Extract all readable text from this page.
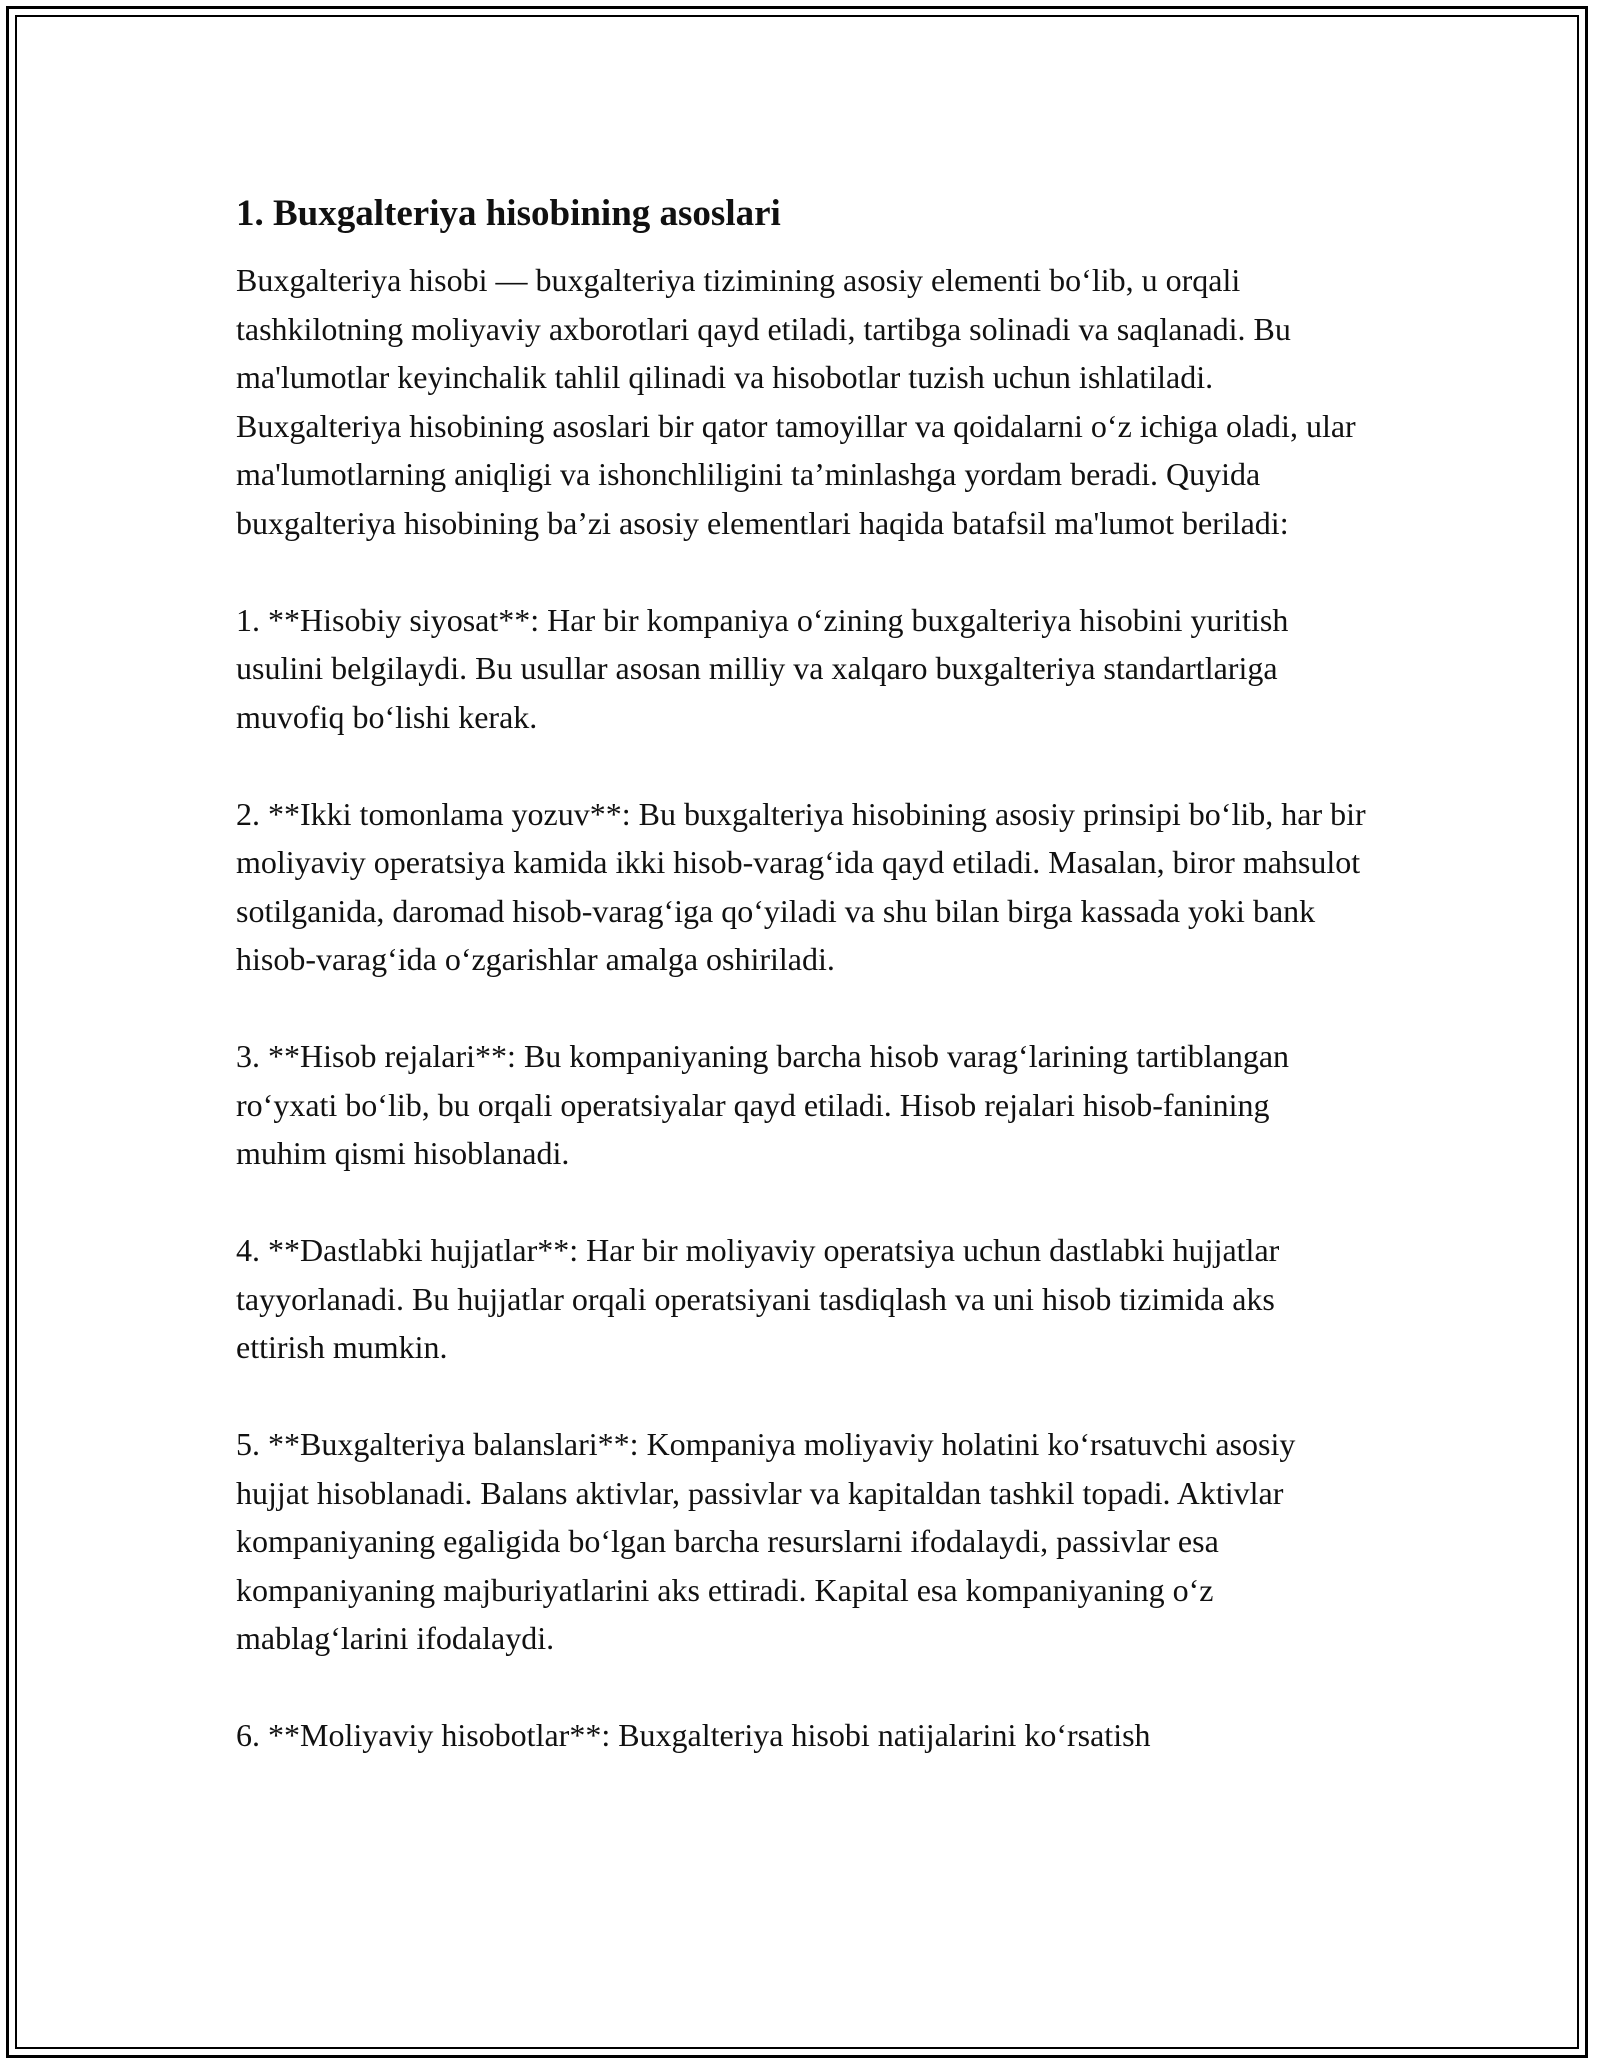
1. Buxgalteriya hisobining asoslari

Buxgalteriya hisobi — buxgalteriya tizimining asosiy elementi bo‘lib, u orqali tashkilotning moliyaviy axborotlari qayd etiladi, tartibga solinadi va saqlanadi. Bu ma'lumotlar keyinchalik tahlil qilinadi va hisobotlar tuzish uchun ishlatiladi. Buxgalteriya hisobining asoslari bir qator tamoyillar va qoidalarni o‘z ichiga oladi, ular ma'lumotlarning aniqligi va ishonchliligini ta’minlashga yordam beradi. Quyida buxgalteriya hisobining ba’zi asosiy elementlari haqida batafsil ma'lumot beriladi:

1. **Hisobiy siyosat**: Har bir kompaniya o‘zining buxgalteriya hisobini yuritish usulini belgilaydi. Bu usullar asosan milliy va xalqaro buxgalteriya standartlariga muvofiq bo‘lishi kerak.

2. **Ikki tomonlama yozuv**: Bu buxgalteriya hisobining asosiy prinsipi bo‘lib, har bir moliyaviy operatsiya kamida ikki hisob-varag‘ida qayd etiladi. Masalan, biror mahsulot sotilganida, daromad hisob-varag‘iga qo‘yiladi va shu bilan birga kassada yoki bank hisob-varag‘ida o‘zgarishlar amalga oshiriladi.

3. **Hisob rejalari**: Bu kompaniyaning barcha hisob varag‘larining tartiblangan ro‘yxati bo‘lib, bu orqali operatsiyalar qayd etiladi. Hisob rejalari hisob-fanining muhim qismi hisoblanadi.

4. **Dastlabki hujjatlar**: Har bir moliyaviy operatsiya uchun dastlabki hujjatlar tayyorlanadi. Bu hujjatlar orqali operatsiyani tasdiqlash va uni hisob tizimida aks ettirish mumkin.

5. **Buxgalteriya balanslari**: Kompaniya moliyaviy holatini ko‘rsatuvchi asosiy hujjat hisoblanadi. Balans aktivlar, passivlar va kapitaldan tashkil topadi. Aktivlar kompaniyaning egaligida bo‘lgan barcha resurslarni ifodalaydi, passivlar esa kompaniyaning majburiyatlarini aks ettiradi. Kapital esa kompaniyaning o‘z mablag‘larini ifodalaydi.

6. **Moliyaviy hisobotlar**: Buxgalteriya hisobi natijalarini ko‘rsatish
